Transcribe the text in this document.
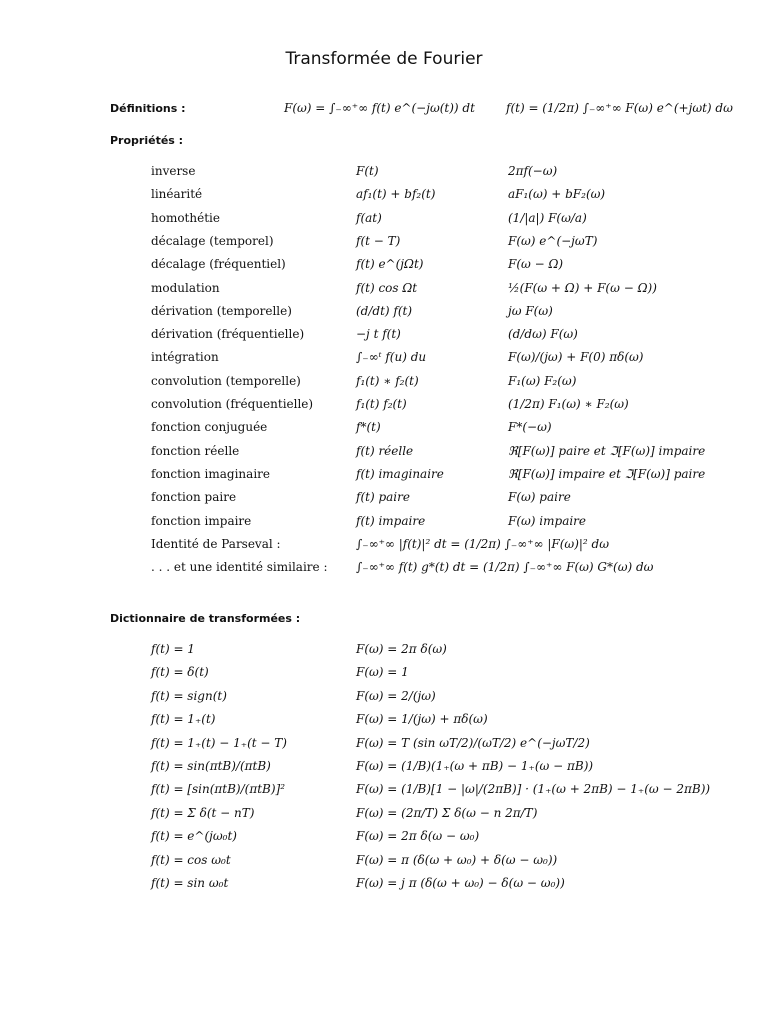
Transformée de Fourier
Définitions :	F(ω) = ∫₋∞⁺∞ f(t) e^(−jω(t)) dt	f(t) = (1/2π) ∫₋∞⁺∞ F(ω) e^(+jωt) dω
Propriétés :
inverse	F(t)	2πf(−ω)
linéarité	af₁(t) + bf₂(t)	aF₁(ω) + bF₂(ω)
homothétie	f(at)	(1/|a|) F(ω/a)
décalage (temporel)	f(t − T)	F(ω) e^(−jωT)
décalage (fréquentiel)	f(t) e^(jΩt)	F(ω − Ω)
modulation	f(t) cos Ωt	½(F(ω + Ω) + F(ω − Ω))
dérivation (temporelle)	(d/dt) f(t)	jω F(ω)
dérivation (fréquentielle)	−j t f(t)	(d/dω) F(ω)
intégration	∫₋∞ᵗ f(u) du	F(ω)/(jω) + F(0) πδ(ω)
convolution (temporelle)	f₁(t) ∗ f₂(t)	F₁(ω) F₂(ω)
convolution (fréquentielle)	f₁(t) f₂(t)	(1/2π) F₁(ω) ∗ F₂(ω)
fonction conjuguée	f*(t)	F*(−ω)
fonction réelle	f(t) réelle	ℜ[F(ω)] paire et ℑ[F(ω)] impaire
fonction imaginaire	f(t) imaginaire	ℜ[F(ω)] impaire et ℑ[F(ω)] paire
fonction paire	f(t) paire	F(ω) paire
fonction impaire	f(t) impaire	F(ω) impaire
Identité de Parseval :	∫₋∞⁺∞ |f(t)|² dt = (1/2π) ∫₋∞⁺∞ |F(ω)|² dω
. . . et une identité similaire : ∫₋∞⁺∞ f(t) g*(t) dt = (1/2π) ∫₋∞⁺∞ F(ω) G*(ω) dω
Dictionnaire de transformées :
f(t) = 1	F(ω) = 2π δ(ω)
f(t) = δ(t)	F(ω) = 1
f(t) = sign(t)	F(ω) = 2/(jω)
f(t) = 1₊(t)	F(ω) = 1/(jω) + πδ(ω)
f(t) = 1₊(t) − 1₊(t − T)	F(ω) = T (sin ωT/2)/(ωT/2) e^(−jωT/2)
f(t) = sin(πtB)/(πtB)	F(ω) = (1/B)(1₊(ω + πB) − 1₊(ω − πB))
f(t) = [sin(πtB)/(πtB)]²	F(ω) = (1/B)[1 − |ω|/(2πB)] · (1₊(ω + 2πB) − 1₊(ω − 2πB))
f(t) = Σ δ(t − nT)	F(ω) = (2π/T) Σ δ(ω − n 2π/T)
f(t) = e^(jω₀t)	F(ω) = 2π δ(ω − ω₀)
f(t) = cos ω₀t	F(ω) = π (δ(ω + ω₀) + δ(ω − ω₀))
f(t) = sin ω₀t	F(ω) = j π (δ(ω + ω₀) − δ(ω − ω₀))
